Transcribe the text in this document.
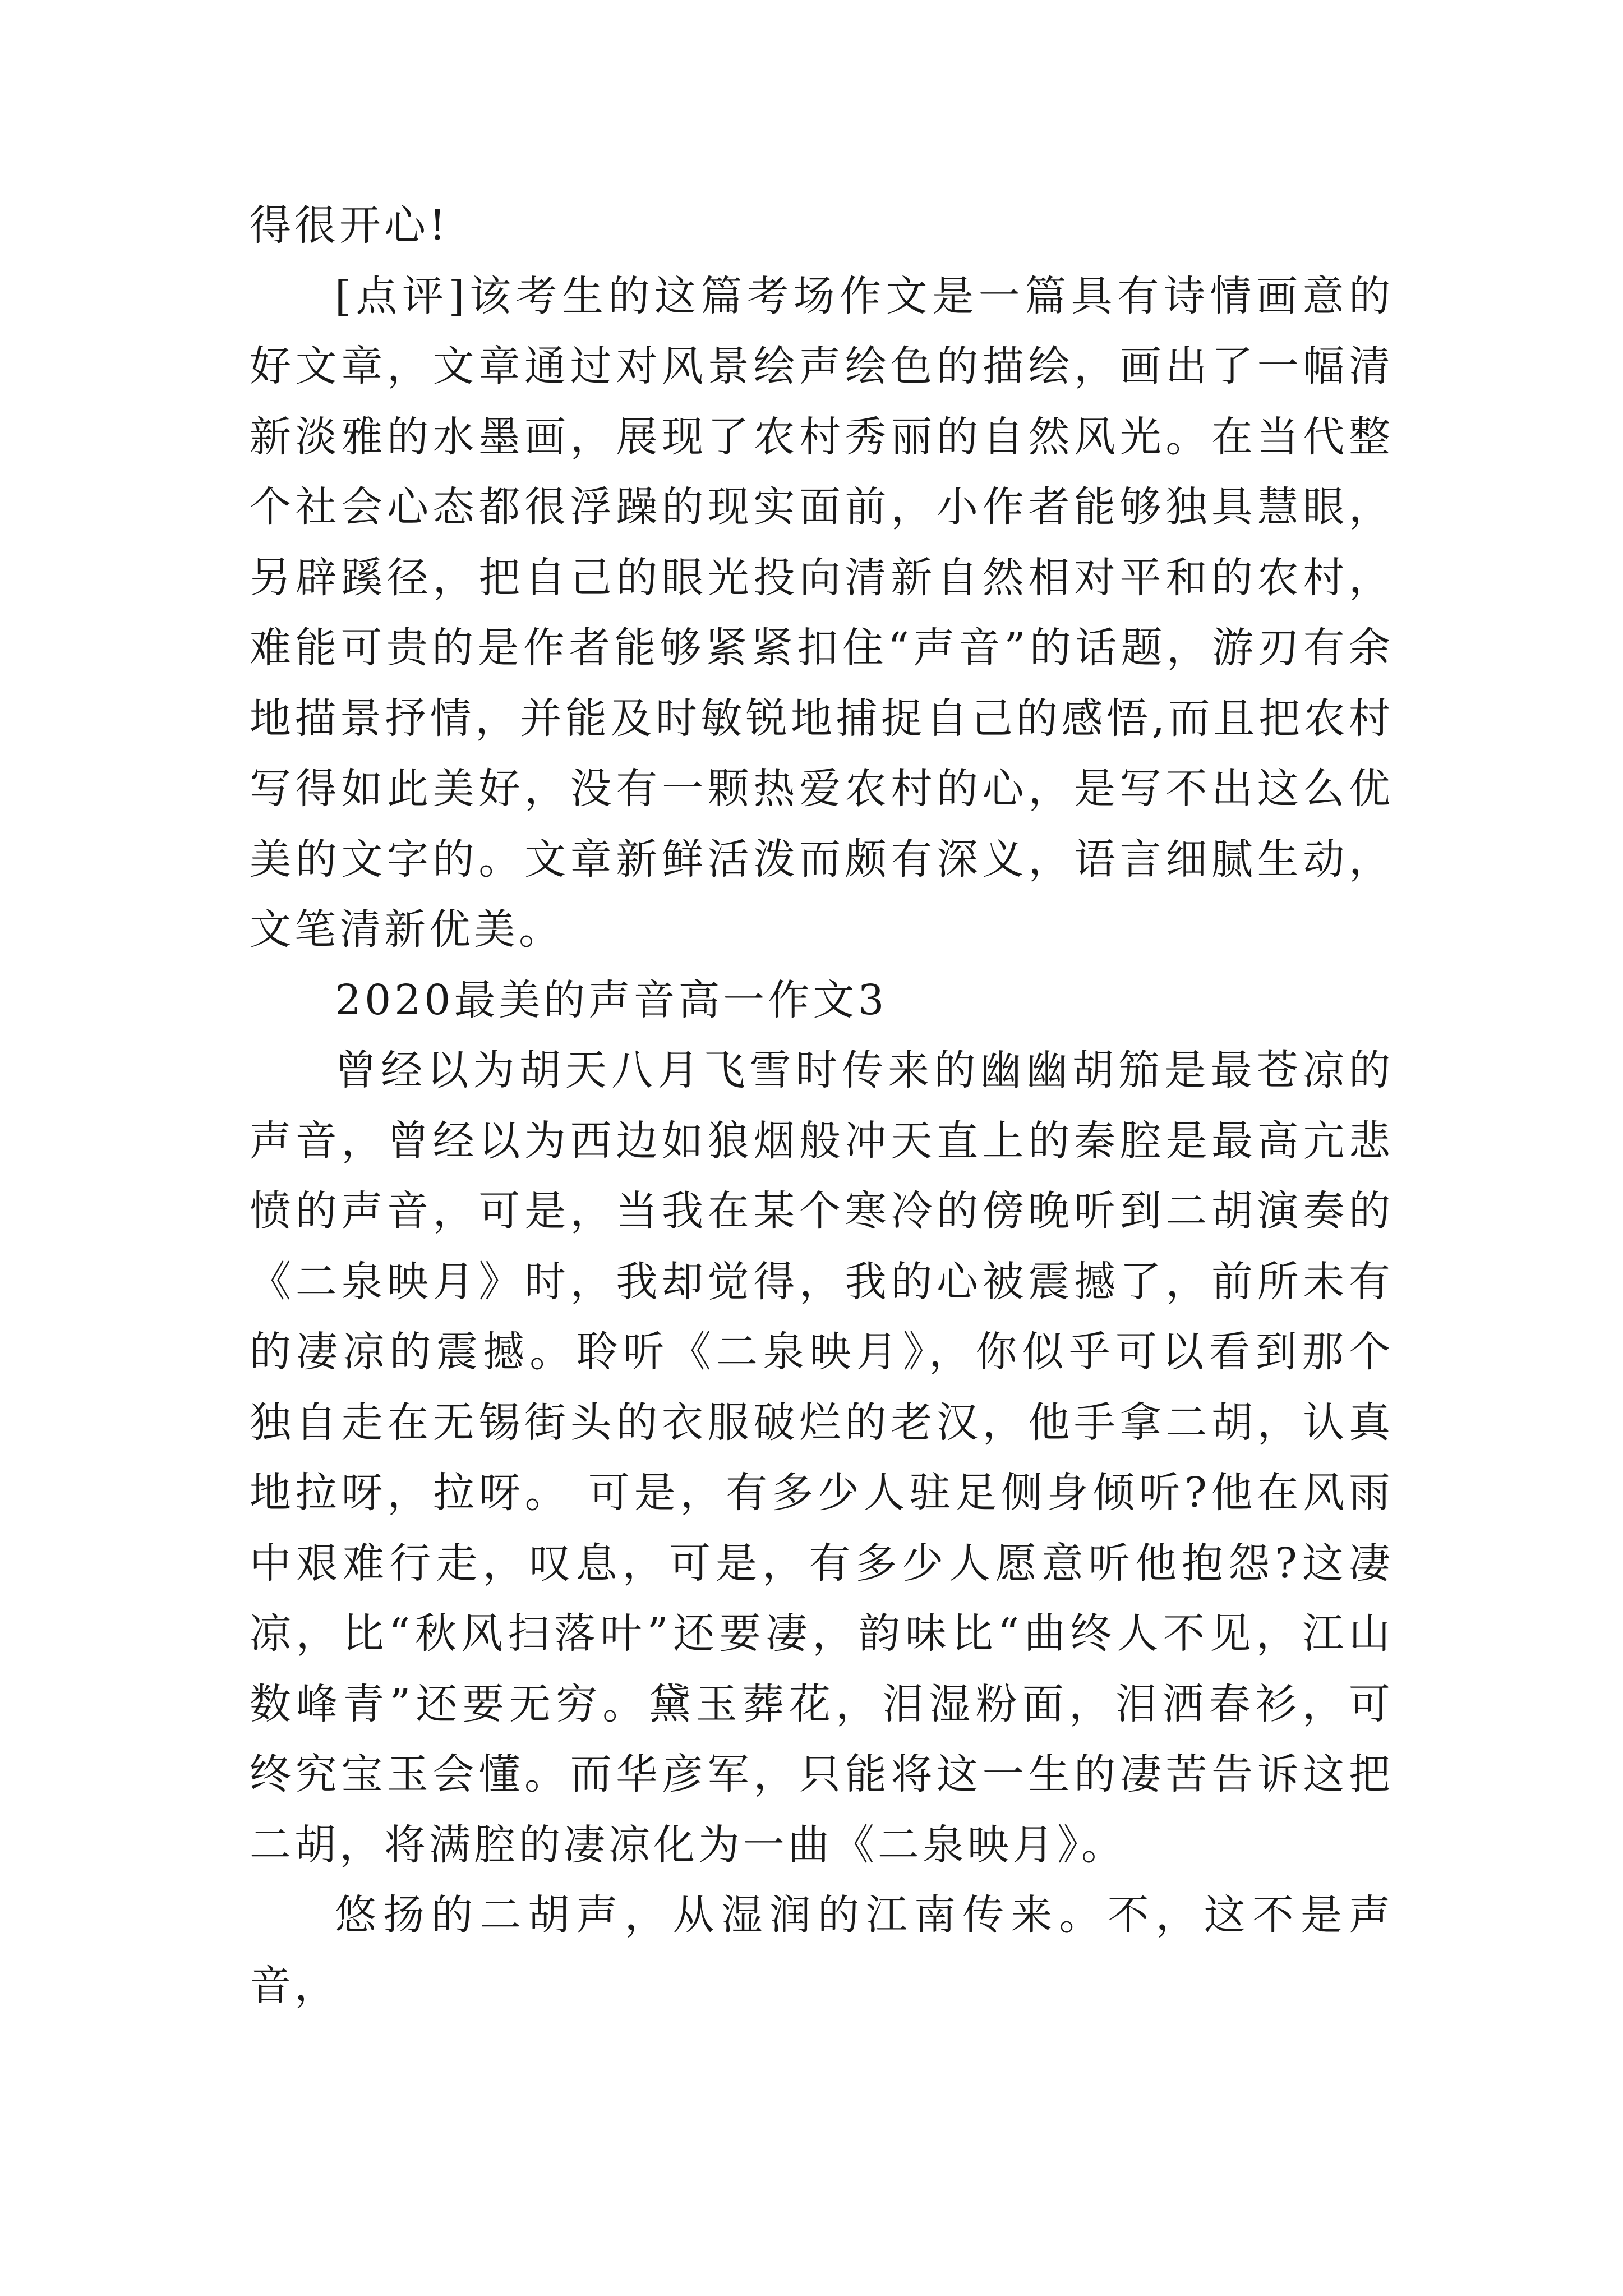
得很开心!

[点评]该考生的这篇考场作文是一篇具有诗情画意的好文章，文章通过对风景绘声绘色的描绘，画出了一幅清新淡雅的水墨画，展现了农村秀丽的自然风光。在当代整个社会心态都很浮躁的现实面前，小作者能够独具慧眼，另辟蹊径，把自己的眼光投向清新自然相对平和的农村，难能可贵的是作者能够紧紧扣住“声音”的话题，游刃有余地描景抒情，并能及时敏锐地捕捉自己的感悟,而且把农村写得如此美好，没有一颗热爱农村的心，是写不出这么优美的文字的。文章新鲜活泼而颇有深义，语言细腻生动，文笔清新优美。

2020最美的声音高一作文3

曾经以为胡天八月飞雪时传来的幽幽胡笳是最苍凉的声音，曾经以为西边如狼烟般冲天直上的秦腔是最高亢悲愤的声音，可是，当我在某个寒冷的傍晚听到二胡演奏的《二泉映月》时，我却觉得，我的心被震撼了，前所未有的凄凉的震撼。聆听《二泉映月》，你似乎可以看到那个独自走在无锡街头的衣服破烂的老汉，他手拿二胡，认真地拉呀，拉呀。 可是，有多少人驻足侧身倾听?他在风雨中艰难行走，叹息，可是，有多少人愿意听他抱怨?这凄凉，比“秋风扫落叶”还要凄，韵味比“曲终人不见，江山数峰青”还要无穷。黛玉葬花，泪湿粉面，泪洒春衫，可终究宝玉会懂。而华彦军，只能将这一生的凄苦告诉这把二胡，将满腔的凄凉化为一曲《二泉映月》。

悠扬的二胡声，从湿润的江南传来。不，这不是声音，
